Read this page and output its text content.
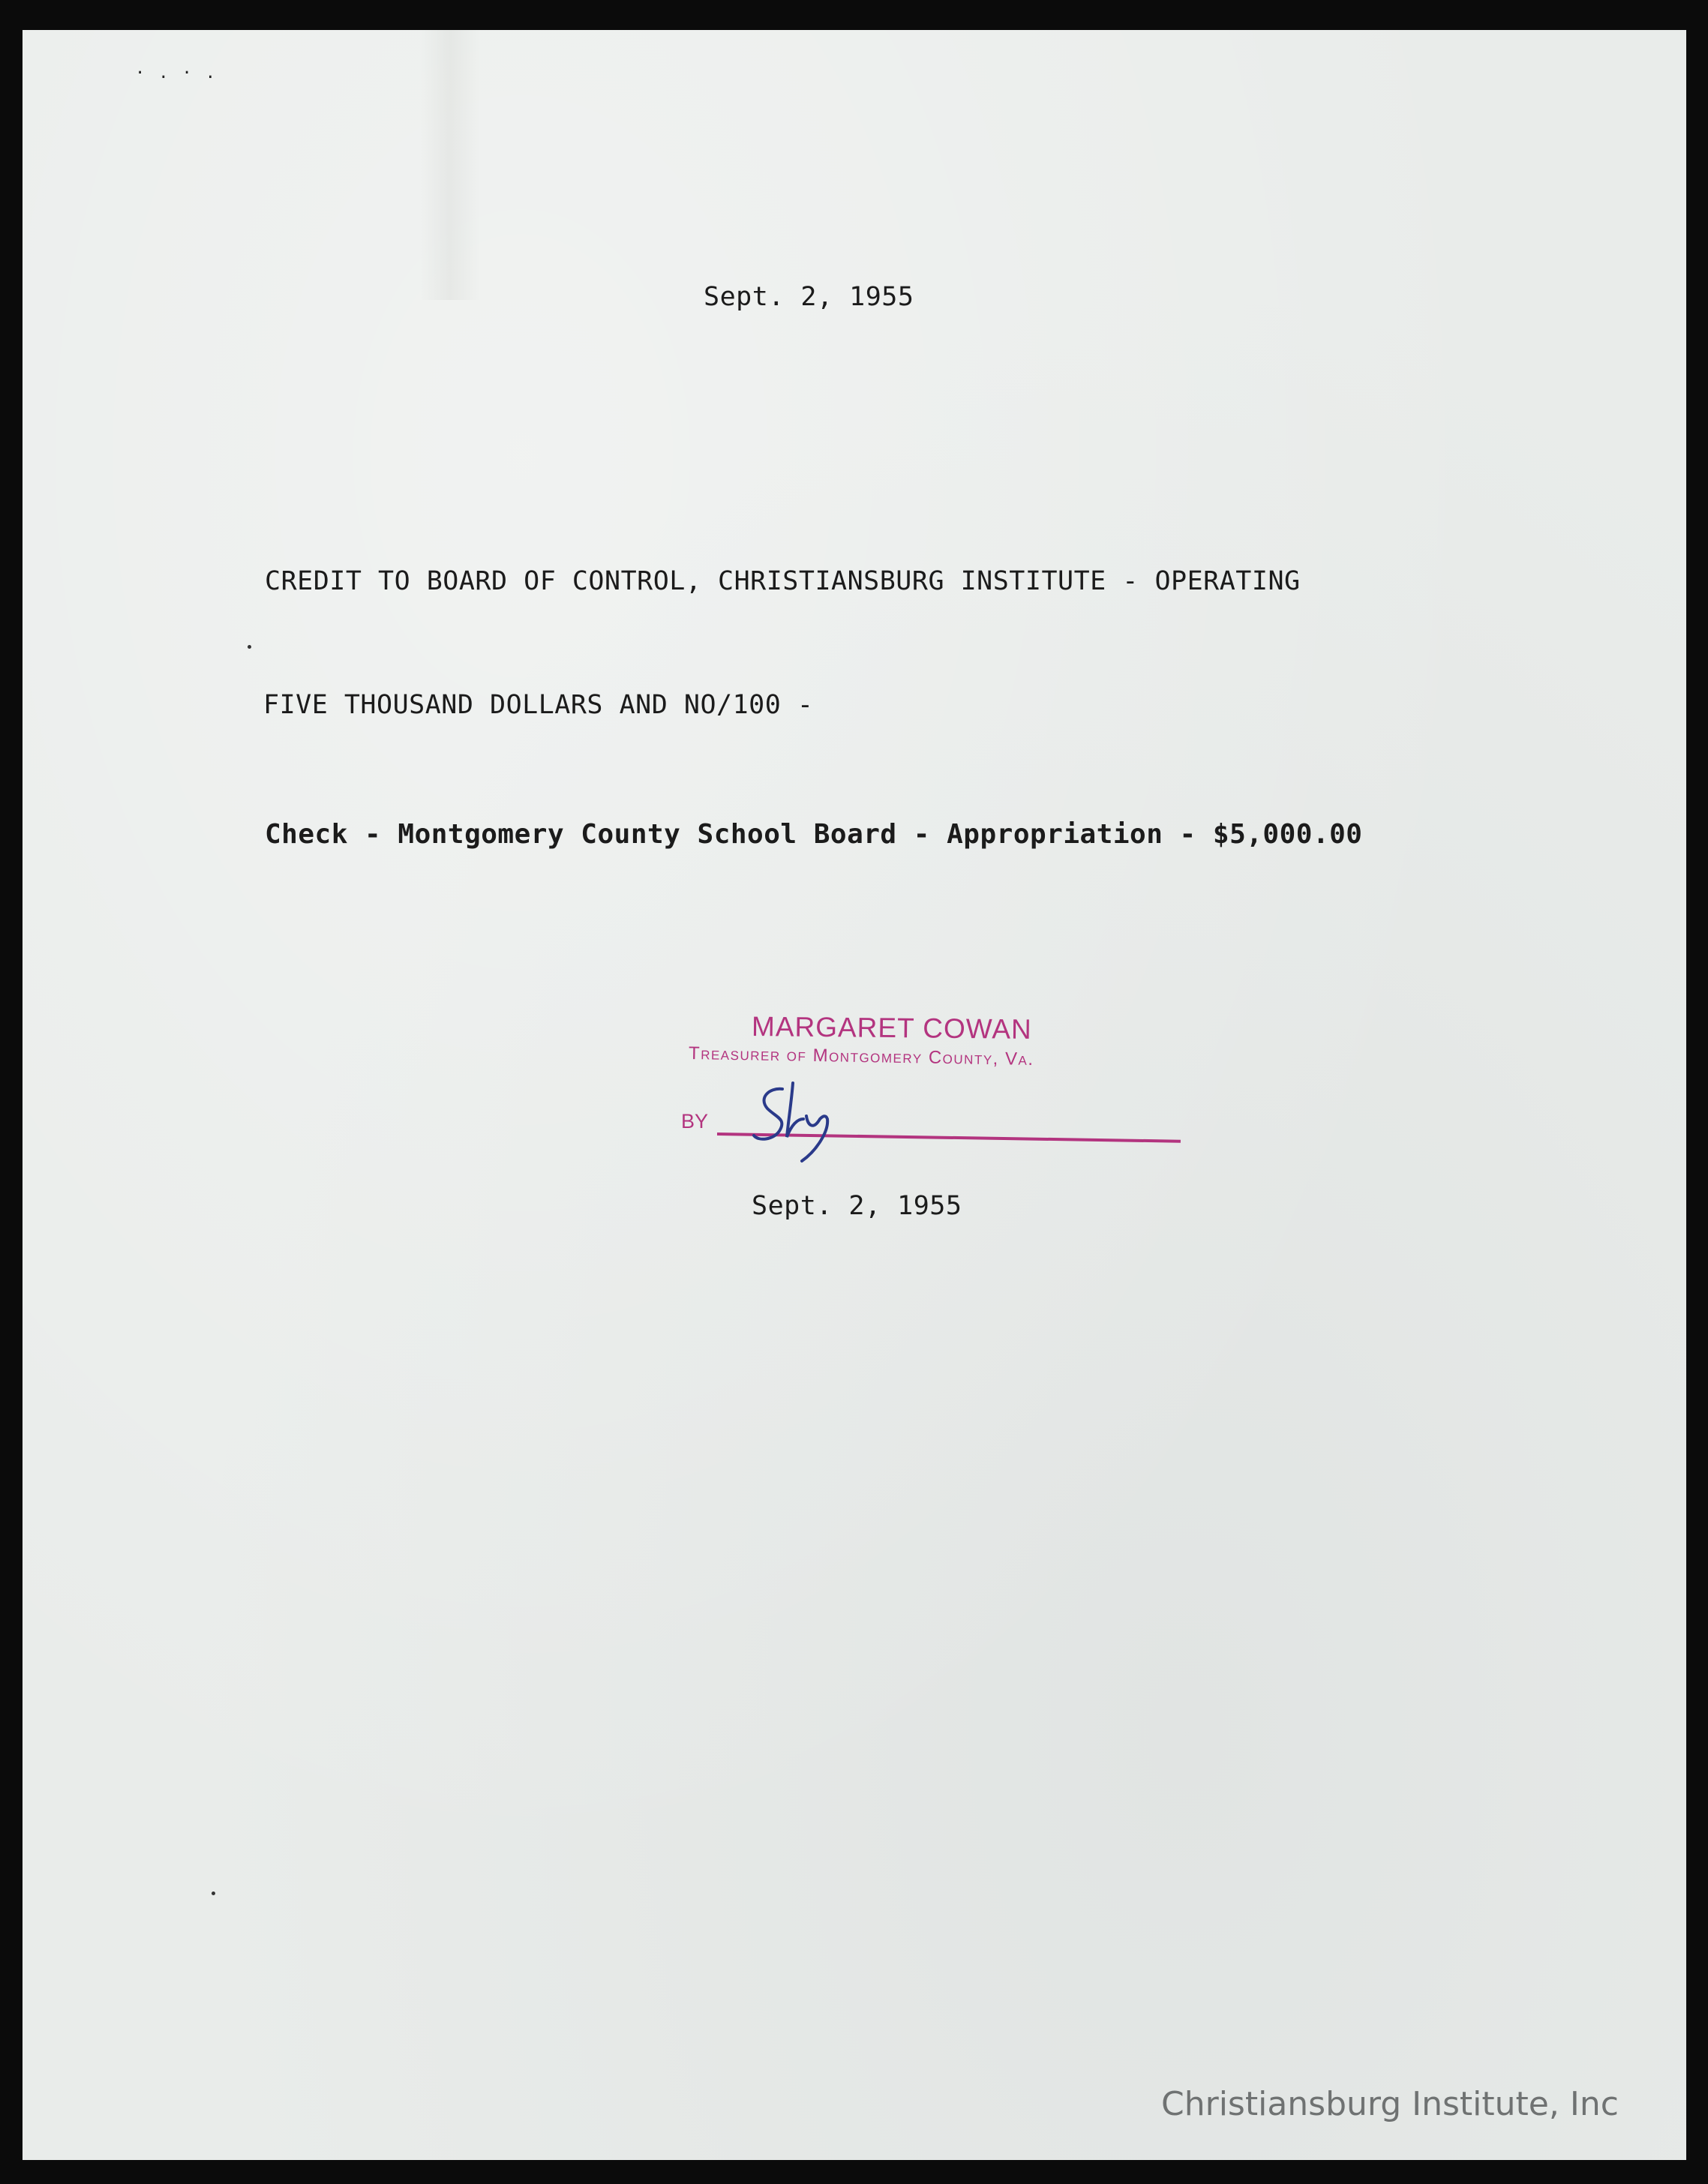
·.·.
Sept. 2, 1955
CREDIT TO BOARD OF CONTROL, CHRISTIANSBURG INSTITUTE - OPERATING
FIVE THOUSAND DOLLARS AND NO/100 -
Check - Montgomery County School Board - Appropriation - $5,000.00
MARGARET COWAN
Treasurer of Montgomery County, Va.
BY
Sept. 2, 1955
Christiansburg Institute, Inc
